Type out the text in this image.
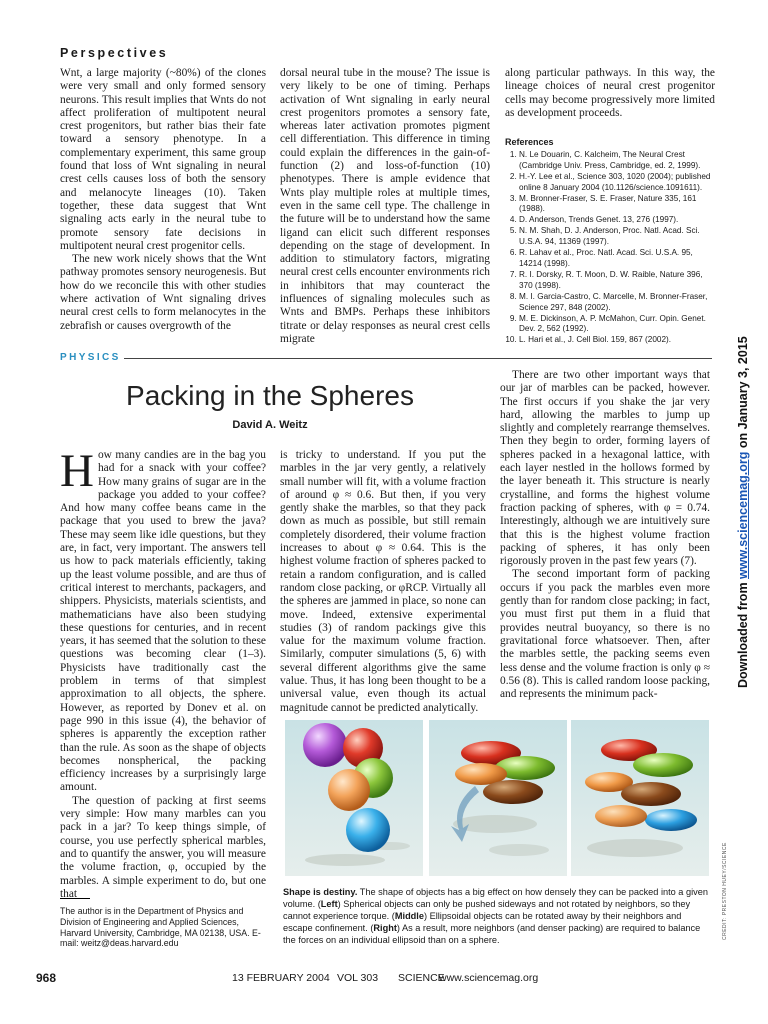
Perspectives

Wnt, a large majority (~80%) of the clones were very small and only formed sensory neurons. This result implies that Wnts do not affect proliferation of multipotent neural crest progenitors, but rather bias their fate toward a sensory phenotype. In a complementary experiment, this same group found that loss of Wnt signaling in neural crest cells causes loss of both the sensory and melanocyte lineages (10). Taken together, these data suggest that Wnt signaling acts early in the neural tube to promote sensory fate decisions in multipotent neural crest progenitor cells.

The new work nicely shows that the Wnt pathway promotes sensory neurogenesis. But how do we reconcile this with other studies where activation of Wnt signaling drives neural crest cells to form melanocytes in the zebrafish or causes overgrowth of the

dorsal neural tube in the mouse? The issue is very likely to be one of timing. Perhaps activation of Wnt signaling in early neural crest progenitors promotes a sensory fate, whereas later activation promotes pigment cell differentiation. This difference in timing could explain the differences in the gain-of-function (2) and loss-of-function (10) phenotypes. There is ample evidence that Wnts play multiple roles at multiple times, even in the same cell type. The challenge in the future will be to understand how the same ligand can elicit such different responses depending on the stage of development. In addition to stimulatory factors, migrating neural crest cells encounter environments rich in inhibitors that may counteract the influences of signaling molecules such as Wnts and BMPs. Perhaps these inhibitors titrate or delay responses as neural crest cells migrate

along particular pathways. In this way, the lineage choices of neural crest progenitor cells may become progressively more limited as development proceeds.

References
1. N. Le Douarin, C. Kalcheim, The Neural Crest (Cambridge Univ. Press, Cambridge, ed. 2, 1999).
2. H.-Y. Lee et al., Science 303, 1020 (2004); published online 8 January 2004 (10.1126/science.1091611).
3. M. Bronner-Fraser, S. E. Fraser, Nature 335, 161 (1988).
4. D. Anderson, Trends Genet. 13, 276 (1997).
5. N. M. Shah, D. J. Anderson, Proc. Natl. Acad. Sci. U.S.A. 94, 11369 (1997).
6. R. Lahav et al., Proc. Natl. Acad. Sci. U.S.A. 95, 14214 (1998).
7. R. I. Dorsky, R. T. Moon, D. W. Raible, Nature 396, 370 (1998).
8. M. I. Garcia-Castro, C. Marcelle, M. Bronner-Fraser, Science 297, 848 (2002).
9. M. E. Dickinson, A. P. McMahon, Curr. Opin. Genet. Dev. 2, 562 (1992).
10. L. Hari et al., J. Cell Biol. 159, 867 (2002).
PHYSICS
Packing in the Spheres
David A. Weitz

How many candies are in the bag you had for a snack with your coffee? How many grains of sugar are in the package you added to your coffee? And how many coffee beans came in the package that you used to brew the java? These may seem like idle questions, but they are, in fact, very important. The answers tell us how to pack materials efficiently, taking up the least volume possible, and are thus of critical interest to merchants, packagers, and shippers. Physicists, materials scientists, and mathematicians have also been studying these questions for centuries, and in recent years, it has seemed that the solution to these questions was becoming clear (1–3). Physicists have traditionally cast the problem in terms of that simplest approximation to all objects, the sphere. However, as reported by Donev et al. on page 990 in this issue (4), the behavior of spheres is apparently the exception rather than the rule. As soon as the shape of objects becomes nonspherical, the packing efficiency increases by a surprisingly large amount.

The question of packing at first seems very simple: How many marbles can you pack in a jar? To keep things simple, of course, you use perfectly spherical marbles, and to quantify the answer, you will measure the volume fraction, φ, occupied by the marbles. A simple experiment to do, but one that

is tricky to understand. If you put the marbles in the jar very gently, a relatively small number will fit, with a volume fraction of around φ ≈ 0.6. But then, if you very gently shake the marbles, so that they pack down as much as possible, but still remain completely disordered, their volume fraction increases to about φ ≈ 0.64. This is the highest volume fraction of spheres packed to retain a random configuration, and is called random close packing, or φRCP. Virtually all the spheres are jammed in place, so none can move. Indeed, extensive experimental studies (3) of random packings give this value for the maximum volume fraction. Similarly, computer simulations (5, 6) with several different algorithms give the same value. Thus, it has long been thought to be a universal value, even though its actual magnitude cannot be predicted analytically.

There are two other important ways that our jar of marbles can be packed, however. The first occurs if you shake the jar very hard, allowing the marbles to jump up slightly and completely rearrange themselves. Then they begin to order, forming layers of spheres packed in a hexagonal lattice, with each layer nestled in the hollows formed by the layer beneath it. This structure is nearly crystalline, and forms the highest volume fraction packing of spheres, with φ = 0.74. Interestingly, although we are intuitively sure that this is the highest volume fraction packing of spheres, it has only been rigorously proven in the past few years (7).

The second important form of packing occurs if you pack the marbles even more gently than for random close packing; in fact, you must first put them in a fluid that provides neutral buoyancy, so there is no gravitational force whatsoever. Then, after the marbles settle, the packing seems even less dense and the volume fraction is only φ ≈ 0.56 (8). This is called random loose packing, and represents the minimum pack-

CREDIT: PRESTON HUEY/SCIENCE
The author is in the Department of Physics and Division of Engineering and Applied Sciences, Harvard University, Cambridge, MA 02138, USA. E-mail: weitz@deas.harvard.edu
Shape is destiny. The shape of objects has a big effect on how densely they can be packed into a given volume. (Left) Spherical objects can only be pushed sideways and not rotated by neighbors, so they cannot experience torque. (Middle) Ellipsoidal objects can be rotated away by their neighbors and escape confinement. (Right) As a result, more neighbors (and denser packing) are required to balance the forces on an individual ellipsoid than on a sphere.
Downloaded from www.sciencemag.org on January 3, 2015
968	13 FEBRUARY 2004 VOL 303 SCIENCE
www.sciencemag.org
